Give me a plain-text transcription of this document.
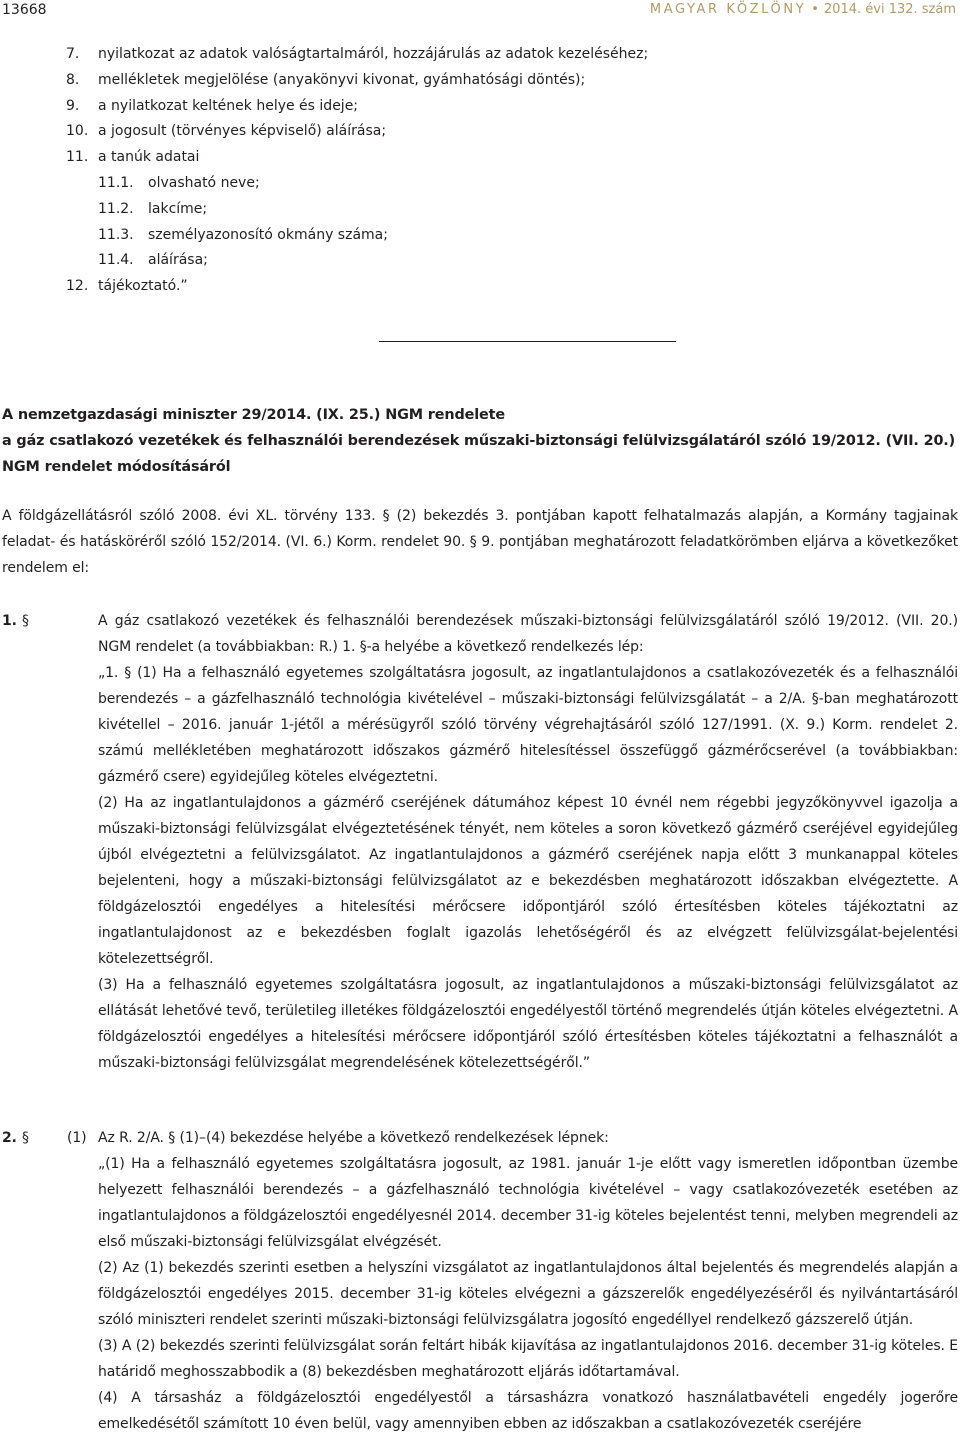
13668	MAGYAR KÖZLÖNY • 2014. évi 132. szám
7. nyilatkozat az adatok valóságtartalmáról, hozzájárulás az adatok kezeléséhez;
8. mellékletek megjelölése (anyakönyvi kivonat, gyámhatósági döntés);
9. a nyilatkozat keltének helye és ideje;
10. a jogosult (törvényes képviselő) aláírása;
11. a tanúk adatai
11.1. olvasható neve;
11.2. lakcíme;
11.3. személyazonosító okmány száma;
11.4. aláírása;
12. tájékoztató.”
A nemzetgazdasági miniszter 29/2014. (IX. 25.) NGM rendelete
a gáz csatlakozó vezetékek és felhasználói berendezések műszaki-biztonsági felülvizsgálatáról szóló 19/2012. (VII. 20.) NGM rendelet módosításáról
A földgázellátásról szóló 2008. évi XL. törvény 133. § (2) bekezdés 3. pontjában kapott felhatalmazás alapján, a Kormány tagjainak feladat- és hatásköréről szóló 152/2014. (VI. 6.) Korm. rendelet 90. § 9. pontjában meghatározott feladatkörömben eljárva a következőket rendelem el:
1. §	A gáz csatlakozó vezetékek és felhasználói berendezések műszaki-biztonsági felülvizsgálatáról szóló 19/2012. (VII. 20.) NGM rendelet (a továbbiakban: R.) 1. §-a helyébe a következő rendelkezés lép:

„1. § (1) Ha a felhasználó egyetemes szolgáltatásra jogosult, az ingatlantulajdonos a csatlakozóvezeték és a felhasználói berendezés – a gázfelhasználó technológia kivételével – műszaki-biztonsági felülvizsgálatát – a 2/A. §-ban meghatározott kivétellel – 2016. január 1-jétől a mérésügyről szóló törvény végrehajtásáról szóló 127/1991. (X. 9.) Korm. rendelet 2. számú mellékletében meghatározott időszakos gázmérő hitelesítéssel összefüggő gázmérőcserével (a továbbiakban: gázmérő csere) egyidejűleg köteles elvégeztetni.

(2) Ha az ingatlantulajdonos a gázmérő cseréjének dátumához képest 10 évnél nem régebbi jegyzőkönyvvel igazolja a műszaki-biztonsági felülvizsgálat elvégeztetésének tényét, nem köteles a soron következő gázmérő cseréjével egyidejűleg újból elvégeztetni a felülvizsgálatot. Az ingatlantulajdonos a gázmérő cseréjének napja előtt 3 munkanappal köteles bejelenteni, hogy a műszaki-biztonsági felülvizsgálatot az e bekezdésben meghatározott időszakban elvégeztette. A földgázelosztói engedélyes a hitelesítési mérőcsere időpontjáról szóló értesítésben köteles tájékoztatni az ingatlantulajdonost az e bekezdésben foglalt igazolás lehetőségéről és az elvégzett felülvizsgálat-bejelentési kötelezettségről.

(3) Ha a felhasználó egyetemes szolgáltatásra jogosult, az ingatlantulajdonos a műszaki-biztonsági felülvizsgálatot az ellátását lehetővé tevő, területileg illetékes földgázelosztói engedélyestől történő megrendelés útján köteles elvégeztetni. A földgázelosztói engedélyes a hitelesítési mérőcsere időpontjáról szóló értesítésben köteles tájékoztatni a felhasználót a műszaki-biztonsági felülvizsgálat megrendelésének kötelezettségéről.”

2. §	(1) Az R. 2/A. § (1)–(4) bekezdése helyébe a következő rendelkezések lépnek:

„(1) Ha a felhasználó egyetemes szolgáltatásra jogosult, az 1981. január 1-je előtt vagy ismeretlen időpontban üzembe helyezett felhasználói berendezés – a gázfelhasználó technológia kivételével – vagy csatlakozóvezeték esetében az ingatlantulajdonos a földgázelosztói engedélyesnél 2014. december 31-ig köteles bejelentést tenni, melyben megrendeli az első műszaki-biztonsági felülvizsgálat elvégzését.

(2) Az (1) bekezdés szerinti esetben a helyszíni vizsgálatot az ingatlantulajdonos által bejelentés és megrendelés alapján a földgázelosztói engedélyes 2015. december 31-ig köteles elvégezni a gázszerelők engedélyezéséről és nyilvántartásáról szóló miniszteri rendelet szerinti műszaki-biztonsági felülvizsgálatra jogosító engedéllyel rendelkező gázszerelő útján.

(3) A (2) bekezdés szerinti felülvizsgálat során feltárt hibák kijavítása az ingatlantulajdonos 2016. december 31-ig köteles. E határidő meghosszabbodik a (8) bekezdésben meghatározott eljárás időtartamával.

(4) A társasház a földgázelosztói engedélyestől a társasházra vonatkozó használatbavételi engedély jogerőre emelkedésétől számított 10 éven belül, vagy amennyiben ebben az időszakban a csatlakozóvezeték cseréjére
